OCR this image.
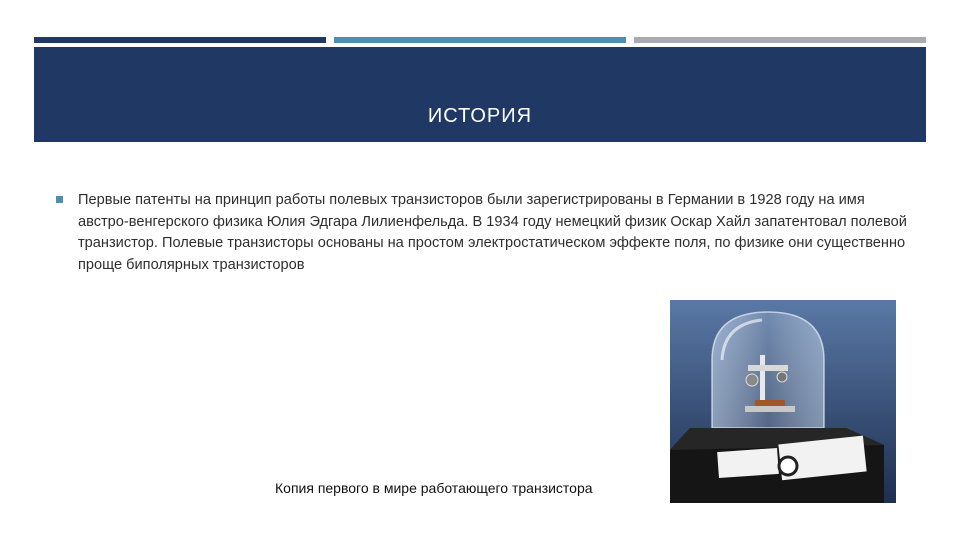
ИСТОРИЯ
Первые патенты на принцип работы полевых транзисторов были зарегистрированы в Германии в 1928 году на имя австро-венгерского физика Юлия Эдгара Лилиенфельда. В 1934 году немецкий физик Оскар Хайл запатентовал полевой транзистор. Полевые транзисторы основаны на простом электростатическом эффекте поля, по физике они существенно проще биполярных транзисторов
Копия первого в мире работающего транзистора
